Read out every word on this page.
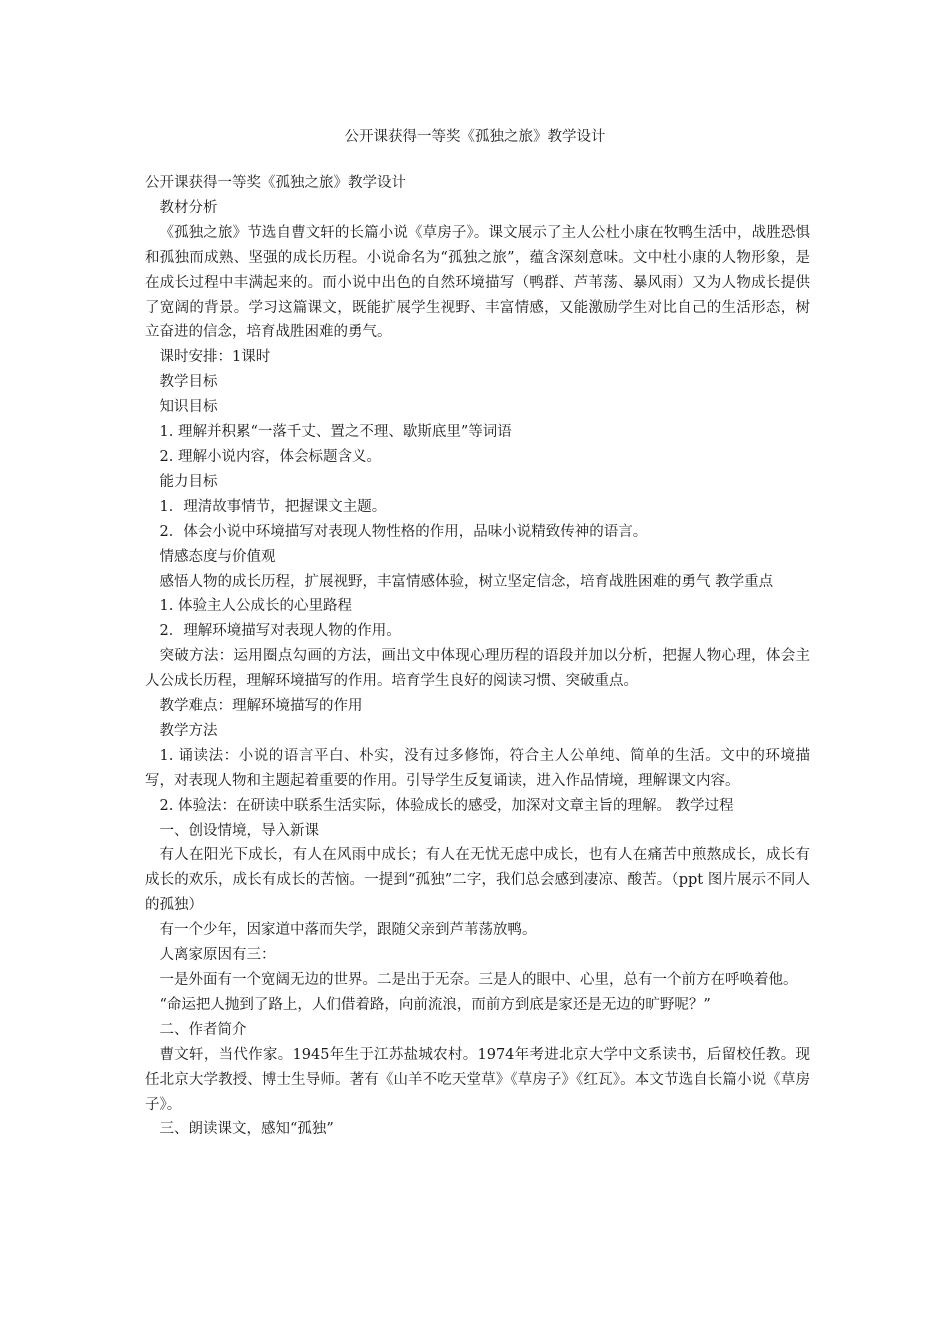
公开课获得一等奖《孤独之旅》教学设计

公开课获得一等奖《孤独之旅》教学设计

教材分析

《孤独之旅》节选自曹文轩的长篇小说《草房子》。课文展示了主人公杜小康在牧鸭生活中，战胜恐惧和孤独而成熟、坚强的成长历程。小说命名为“孤独之旅”，蕴含深刻意味。文中杜小康的人物形象，是在成长过程中丰满起来的。而小说中出色的自然环境描写（鸭群、芦苇荡、暴风雨）又为人物成长提供了宽阔的背景。学习这篇课文，既能扩展学生视野、丰富情感，又能激励学生对比自己的生活形态，树立奋进的信念，培育战胜困难的勇气。

课时安排：1课时

教学目标

知识目标

1. 理解并积累“一落千丈、置之不理、歇斯底里”等词语

2. 理解小说内容，体会标题含义。

能力目标

1．理清故事情节，把握课文主题。

2．体会小说中环境描写对表现人物性格的作用，品味小说精致传神的语言。

情感态度与价值观

感悟人物的成长历程，扩展视野，丰富情感体验，树立坚定信念，培育战胜困难的勇气 教学重点

1. 体验主人公成长的心里路程

2．理解环境描写对表现人物的作用。

突破方法：运用圈点勾画的方法，画出文中体现心理历程的语段并加以分析，把握人物心理，体会主人公成长历程，理解环境描写的作用。培育学生良好的阅读习惯、突破重点。

教学难点：理解环境描写的作用

教学方法

1. 诵读法：小说的语言平白、朴实，没有过多修饰，符合主人公单纯、简单的生活。文中的环境描写，对表现人物和主题起着重要的作用。引导学生反复诵读，进入作品情境，理解课文内容。

2. 体验法：在研读中联系生活实际，体验成长的感受，加深对文章主旨的理解。 教学过程

一、创设情境，导入新课

有人在阳光下成长，有人在风雨中成长；有人在无忧无虑中成长，也有人在痛苦中煎熬成长，成长有成长的欢乐，成长有成长的苦恼。一提到“孤独”二字，我们总会感到凄凉、酸苦。（ppt 图片展示不同人的孤独）

有一个少年，因家道中落而失学，跟随父亲到芦苇荡放鸭。

人离家原因有三：

一是外面有一个宽阔无边的世界。二是出于无奈。三是人的眼中、心里，总有一个前方在呼唤着他。

“命运把人抛到了路上，人们借着路，向前流浪，而前方到底是家还是无边的旷野呢？”

二、作者简介

曹文轩，当代作家。1945年生于江苏盐城农村。1974年考进北京大学中文系读书，后留校任教。现任北京大学教授、博士生导师。著有《山羊不吃天堂草》《草房子》《红瓦》。本文节选自长篇小说《草房子》。

三、朗读课文，感知“孤独”
